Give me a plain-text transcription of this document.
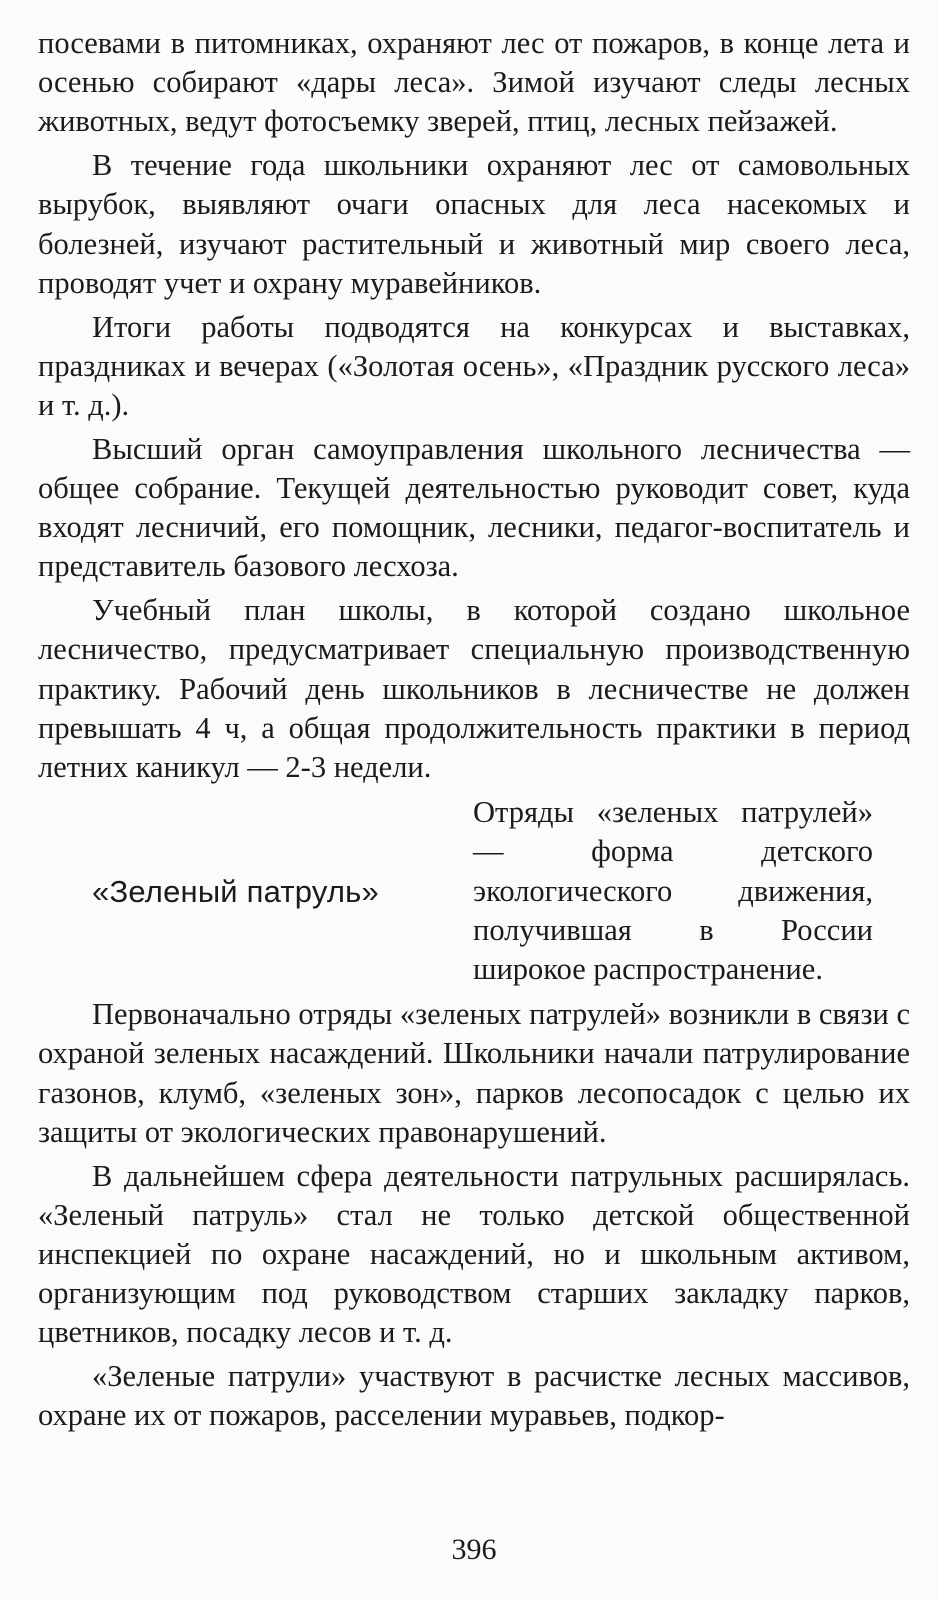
посевами в питомниках, охраняют лес от пожаров, в конце лета и осенью собирают «дары леса». Зимой изучают следы лесных животных, ведут фотосъемку зверей, птиц, лесных пейзажей.

В течение года школьники охраняют лес от самовольных вырубок, выявляют очаги опасных для леса насекомых и болезней, изучают растительный и животный мир своего леса, проводят учет и охрану муравейников.

Итоги работы подводятся на конкурсах и выставках, праздниках и вечерах («Золотая осень», «Праздник русского леса» и т. д.).

Высший орган самоуправления школьного лесничества — общее собрание. Текущей деятельностью руководит совет, куда входят лесничий, его помощник, лесники, педагог-воспитатель и представитель базового лесхоза.

Учебный план школы, в которой создано школьное лесничество, предусматривает специальную производственную практику. Рабочий день школьников в лесничестве не должен превышать 4 ч, а общая продолжительность практики в период летних каникул — 2-3 недели.

«Зеленый патруль»

Отряды «зеленых патрулей» — форма детского экологического движения, получившая в России широкое распространение.

Первоначально отряды «зеленых патрулей» возникли в связи с охраной зеленых насаждений. Школьники начали патрулирование газонов, клумб, «зеленых зон», парков лесопосадок с целью их защиты от экологических правонарушений.

В дальнейшем сфера деятельности патрульных расширялась. «Зеленый патруль» стал не только детской общественной инспекцией по охране насаждений, но и школьным активом, организующим под руководством старших закладку парков, цветников, посадку лесов и т. д.

«Зеленые патрули» участвуют в расчистке лесных массивов, охране их от пожаров, расселении муравьев, подкор-

396
